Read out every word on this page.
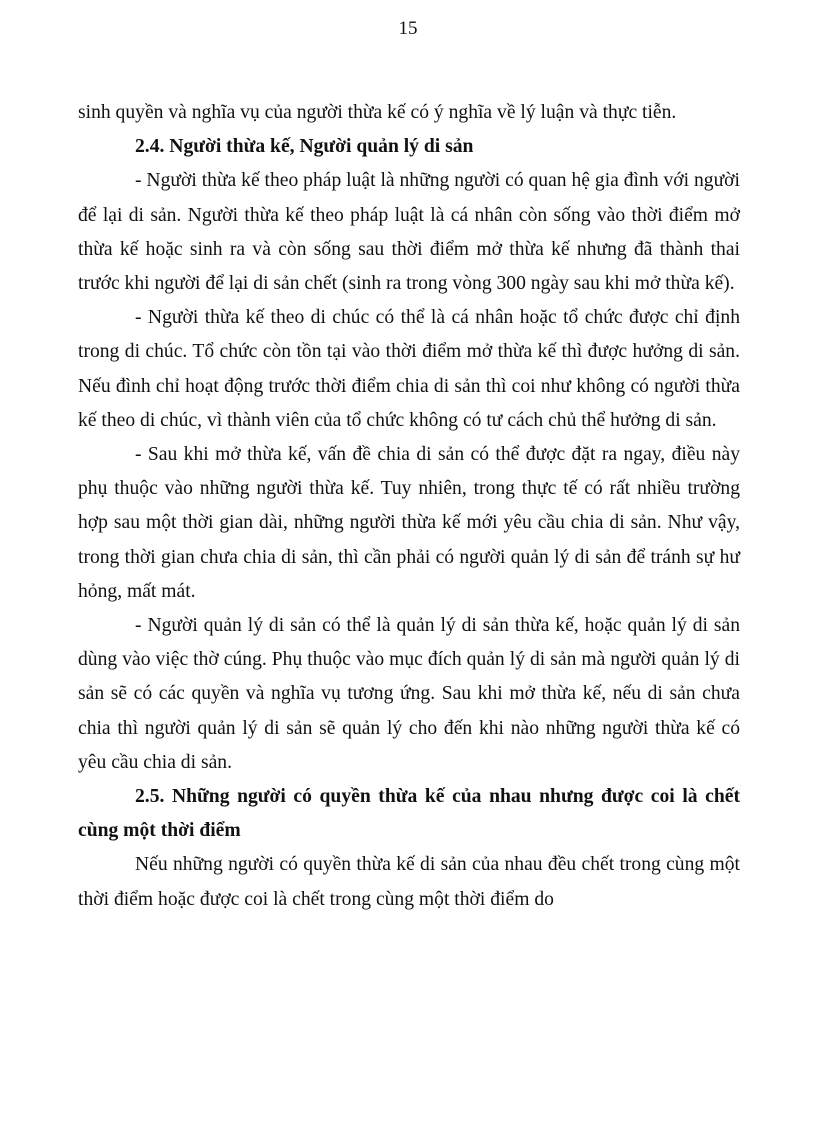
15

sinh quyền và nghĩa vụ của người thừa kế có ý nghĩa về lý luận và thực tiễn.

2.4. Người thừa kế, Người quản lý di sản

- Người thừa kế theo pháp luật là những người có quan hệ gia đình với người để lại di sản. Người thừa kế theo pháp luật là cá nhân còn sống vào thời điểm mở thừa kế hoặc sinh ra và còn sống sau thời điểm mở thừa kế nhưng đã thành thai trước khi người để lại di sản chết (sinh ra trong vòng 300 ngày sau khi mở thừa kế).

- Người thừa kế theo di chúc có thể là cá nhân hoặc tổ chức được chỉ định trong di chúc. Tổ chức còn tồn tại vào thời điểm mở thừa kế thì được hưởng di sản. Nếu đình chỉ hoạt động trước thời điểm chia di sản thì coi như không có người thừa kế theo di chúc, vì thành viên của tổ chức không có tư cách chủ thể hưởng di sản.

- Sau khi mở thừa kế, vấn đề chia di sản có thể được đặt ra ngay, điều này phụ thuộc vào những người thừa kế. Tuy nhiên, trong thực tế có rất nhiều trường hợp sau một thời gian dài, những người thừa kế mới yêu cầu chia di sản. Như vậy, trong thời gian chưa chia di sản, thì cần phải có người quản lý di sản để tránh sự hư hỏng, mất mát.

- Người quản lý di sản có thể là quản lý di sản thừa kế, hoặc quản lý di sản dùng vào việc thờ cúng. Phụ thuộc vào mục đích quản lý di sản mà người quản lý di sản sẽ có các quyền và nghĩa vụ tương ứng. Sau khi mở thừa kế, nếu di sản chưa chia thì người quản lý di sản sẽ quản lý cho đến khi nào những người thừa kế có yêu cầu chia di sản.

2.5. Những người có quyền thừa kế của nhau nhưng được coi là chết cùng một thời điểm

Nếu những người có quyền thừa kế di sản của nhau đều chết trong cùng một thời điểm hoặc được coi là chết trong cùng một thời điểm do
